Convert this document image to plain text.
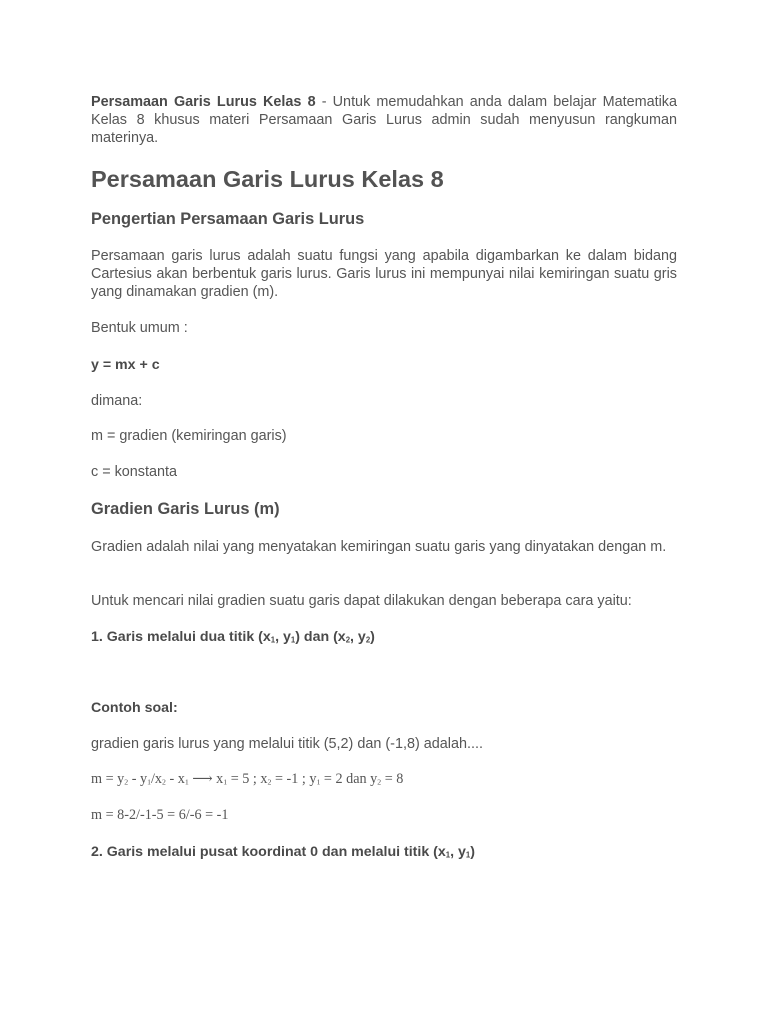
Persamaan Garis Lurus Kelas 8 - Untuk memudahkan anda dalam belajar Matematika Kelas 8 khusus materi Persamaan Garis Lurus admin sudah menyusun rangkuman materinya.

Persamaan Garis Lurus Kelas 8
Pengertian Persamaan Garis Lurus

Persamaan garis lurus adalah suatu fungsi yang apabila digambarkan ke dalam bidang Cartesius akan berbentuk garis lurus. Garis lurus ini mempunyai nilai kemiringan suatu gris yang dinamakan gradien (m).

Bentuk umum :

y = mx + c

dimana:

m = gradien (kemiringan garis)

c = konstanta

Gradien Garis Lurus (m)

Gradien adalah nilai yang menyatakan kemiringan suatu garis yang dinyatakan dengan m.

Untuk mencari nilai gradien suatu garis dapat dilakukan dengan beberapa cara yaitu:

1. Garis melalui dua titik ($x_1$, $y_1$) dan ($x_2$, $y_2$)

Contoh soal:

gradien garis lurus yang melalui titik (5,2) dan (-1,8) adalah....

$m = y_2 - y_1/x_2 - x_1$ ⟶ $x_1 = 5$ ; $x_2 = -1$ ; $y_1 = 2$ dan $y_2 = 8$

m = 8-2/-1-5 = 6/-6 = -1

2. Garis melalui pusat koordinat 0 dan melalui titik ($x_1$, $y_1$)
